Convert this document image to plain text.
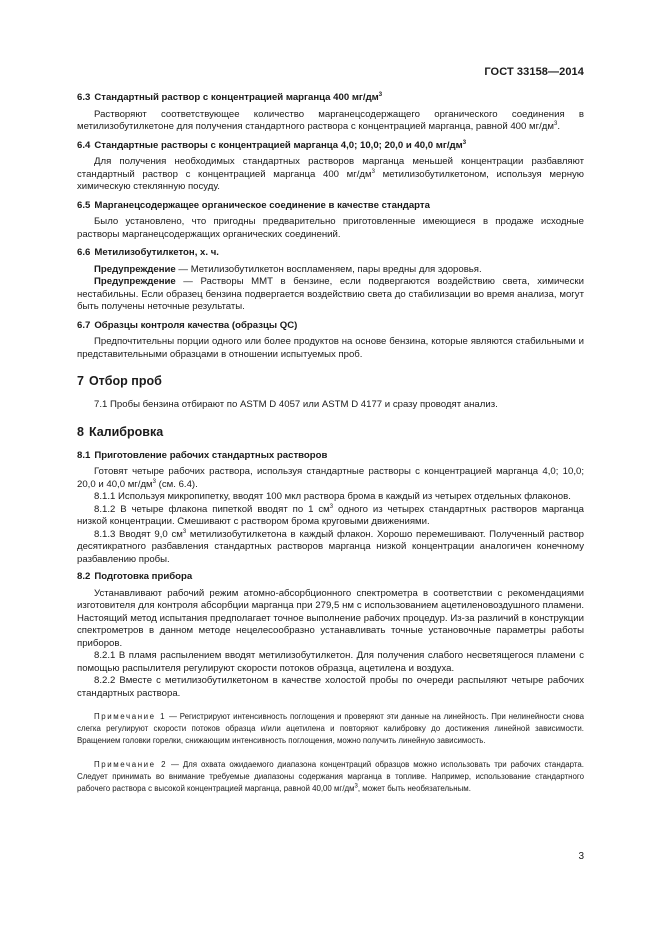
ГОСТ 33158—2014

6.3 Стандартный раствор с концентрацией марганца 400 $мг/дм^3$

Растворяют соответствующее количество марганецсодержащего органического соединения в метилизобутилкетоне для получения стандартного раствора с концентрацией марганца, равной 400 $мг/дм^3$.

6.4 Стандартные растворы с концентрацией марганца 4,0; 10,0; 20,0 и 40,0 $мг/дм^3$

Для получения необходимых стандартных растворов марганца меньшей концентрации разбавляют стандартный раствор с концентрацией марганца 400 $мг/дм^3$ метилизобутилкетоном, используя мерную химическую стеклянную посуду.

6.5 Марганецсодержащее органическое соединение в качестве стандарта

Было установлено, что пригодны предварительно приготовленные имеющиеся в продаже исходные растворы марганецсодержащих органических соединений.

6.6 Метилизобутилкетон, х. ч.

Предупреждение — Метилизобутилкетон воспламеняем, пары вредны для здоровья.

Предупреждение — Растворы ММТ в бензине, если подвергаются воздействию света, химически нестабильны. Если образец бензина подвергается воздействию света до стабилизации во время анализа, могут быть получены неточные результаты.

6.7 Образцы контроля качества (образцы QC)

Предпочтительны порции одного или более продуктов на основе бензина, которые являются стабильными и представительными образцами в отношении испытуемых проб.

7 Отбор проб

7.1 Пробы бензина отбирают по ASTM D 4057 или ASTM D 4177 и сразу проводят анализ.

8 Калибровка

8.1 Приготовление рабочих стандартных растворов

Готовят четыре рабочих раствора, используя стандартные растворы с концентрацией марганца 4,0; 10,0; 20,0 и 40,0 $мг/дм^3$ (см. 6.4).

8.1.1 Используя микропипетку, вводят 100 мкл раствора брома в каждый из четырех отдельных флаконов.

8.1.2 В четыре флакона пипеткой вводят по 1 $см^3$ одного из четырех стандартных растворов марганца низкой концентрации. Смешивают с раствором брома круговыми движениями.

8.1.3 Вводят 9,0 $см^3$ метилизобутилкетона в каждый флакон. Хорошо перемешивают. Полученный раствор десятикратного разбавления стандартных растворов марганца низкой концентрации аналогичен конечному разбавлению пробы.

8.2 Подготовка прибора

Устанавливают рабочий режим атомно-абсорбционного спектрометра в соответствии с рекомендациями изготовителя для контроля абсорбции марганца при 279,5 нм с использованием ацетиленовоздушного пламени. Настоящий метод испытания предполагает точное выполнение рабочих процедур. Из-за различий в конструкции спектрометров в данном методе нецелесообразно устанавливать точные установочные параметры работы приборов.

8.2.1 В пламя распылением вводят метилизобутилкетон. Для получения слабого несветящегося пламени с помощью распылителя регулируют скорости потоков образца, ацетилена и воздуха.

8.2.2 Вместе с метилизобутилкетоном в качестве холостой пробы по очереди распыляют четыре рабочих стандартных раствора.

Примечание 1 — Регистрируют интенсивность поглощения и проверяют эти данные на линейность. При нелинейности снова слегка регулируют скорости потоков образца и/или ацетилена и повторяют калибровку до достижения линейной зависимости. Вращением головки горелки, снижающим интенсивность поглощения, можно получить линейную зависимость.

Примечание 2 — Для охвата ожидаемого диапазона концентраций образцов можно использовать три рабочих стандарта. Следует принимать во внимание требуемые диапазоны содержания марганца в топливе. Например, использование стандартного рабочего раствора с высокой концентрацией марганца, равной 40,00 $мг/дм^3$, может быть необязательным.

3
